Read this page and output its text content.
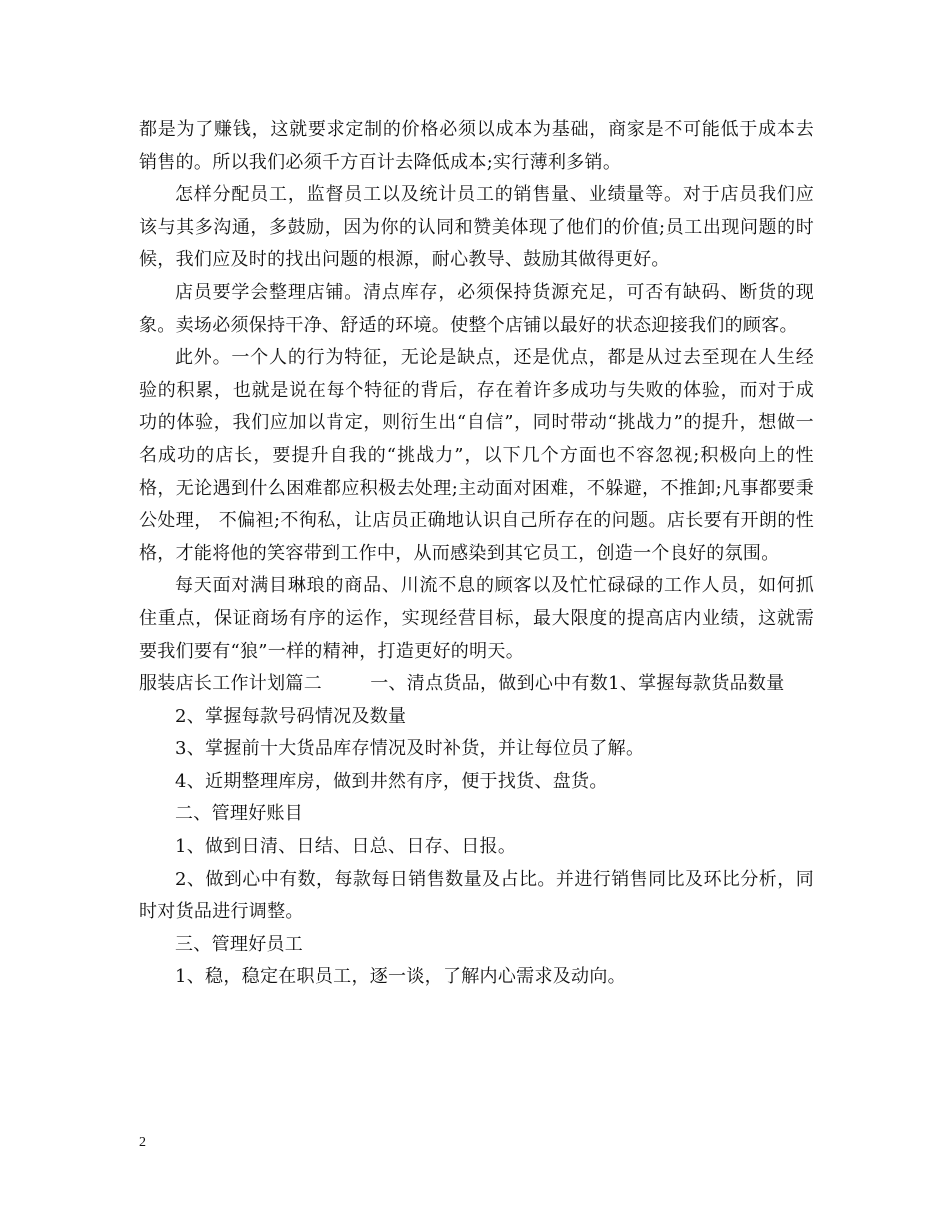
都是为了赚钱，这就要求定制的价格必须以成本为基础，商家是不可能低于成本去销售的。所以我们必须千方百计去降低成本;实行薄利多销。

怎样分配员工，监督员工以及统计员工的销售量、业绩量等。对于店员我们应该与其多沟通，多鼓励，因为你的认同和赞美体现了他们的价值;员工出现问题的时候，我们应及时的找出问题的根源，耐心教导、鼓励其做得更好。

店员要学会整理店铺。清点库存，必须保持货源充足，可否有缺码、断货的现象。卖场必须保持干净、舒适的环境。使整个店铺以最好的状态迎接我们的顾客。

此外。一个人的行为特征，无论是缺点，还是优点，都是从过去至现在人生经验的积累，也就是说在每个特征的背后，存在着许多成功与失败的体验，而对于成功的体验，我们应加以肯定，则衍生出“自信”，同时带动“挑战力”的提升，想做一名成功的店长，要提升自我的“挑战力”，以下几个方面也不容忽视;积极向上的性格，无论遇到什么困难都应积极去处理;主动面对困难，不躲避，不推卸;凡事都要秉公处理， 不偏袒;不徇私，让店员正确地认识自己所存在的问题。店长要有开朗的性格，才能将他的笑容带到工作中，从而感染到其它员工，创造一个良好的氛围。

每天面对满目琳琅的商品、川流不息的顾客以及忙忙碌碌的工作人员，如何抓住重点，保证商场有序的运作，实现经营目标，最大限度的提高店内业绩，这就需要我们要有“狼”一样的精神，打造更好的明天。

服装店长工作计划篇二	一、清点货品，做到心中有数1、掌握每款货品数量

2、掌握每款号码情况及数量

3、掌握前十大货品库存情况及时补货，并让每位员了解。

4、近期整理库房，做到井然有序，便于找货、盘货。

二、管理好账目

1、做到日清、日结、日总、日存、日报。

2、做到心中有数，每款每日销售数量及占比。并进行销售同比及环比分析，同时对货品进行调整。

三、管理好员工

1、稳，稳定在职员工，逐一谈，了解内心需求及动向。

2
